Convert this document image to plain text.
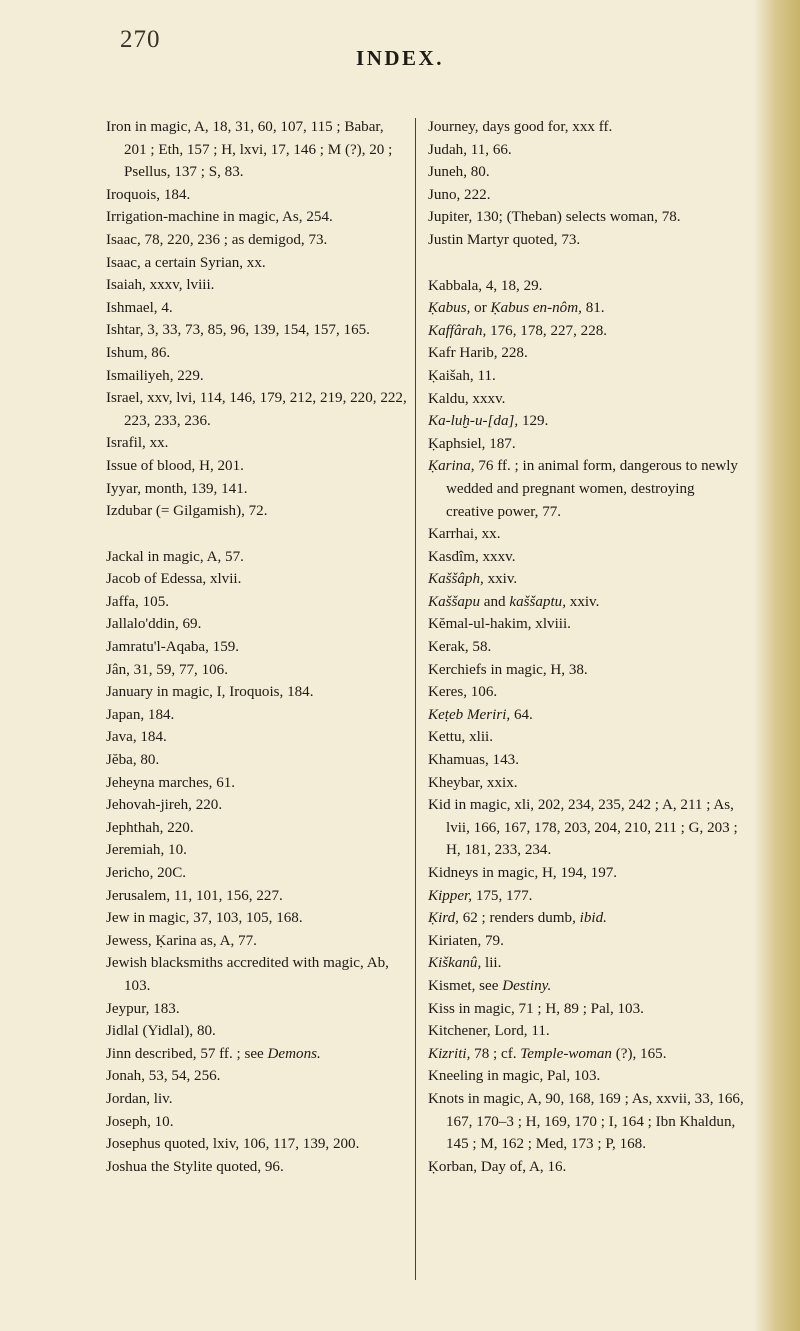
270
INDEX.

Iron in magic, A, 18, 31, 60, 107, 115 ; Babar, 201 ; Eth, 157 ; H, lxvi, 17, 146 ; M (?), 20 ; Psellus, 137 ; S, 83.

Iroquois, 184.

Irrigation-machine in magic, As, 254.

Isaac, 78, 220, 236 ; as demigod, 73.

Isaac, a certain Syrian, xx.

Isaiah, xxxv, lviii.

Ishmael, 4.

Ishtar, 3, 33, 73, 85, 96, 139, 154, 157, 165.

Ishum, 86.

Ismailiyeh, 229.

Israel, xxv, lvi, 114, 146, 179, 212, 219, 220, 222, 223, 233, 236.

Israfil, xx.

Issue of blood, H, 201.

Iyyar, month, 139, 141.

Izdubar (= Gilgamish), 72.

Jackal in magic, A, 57.

Jacob of Edessa, xlvii.

Jaffa, 105.

Jallalo'ddin, 69.

Jamratu'l-Aqaba, 159.

Jân, 31, 59, 77, 106.

January in magic, I, Iroquois, 184.

Japan, 184.

Java, 184.

Jĕba, 80.

Jeheyna marches, 61.

Jehovah-jireh, 220.

Jephthah, 220.

Jeremiah, 10.

Jericho, 20C.

Jerusalem, 11, 101, 156, 227.

Jew in magic, 37, 103, 105, 168.

Jewess, Ḳarina as, A, 77.

Jewish blacksmiths accredited with magic, Ab, 103.

Jeypur, 183.

Jidlal (Yidlal), 80.

Jinn described, 57 ff. ; see Demons.

Jonah, 53, 54, 256.

Jordan, liv.

Joseph, 10.

Josephus quoted, lxiv, 106, 117, 139, 200.

Joshua the Stylite quoted, 96.

Journey, days good for, xxx ff.

Judah, 11, 66.

Juneh, 80.

Juno, 222.

Jupiter, 130; (Theban) selects woman, 78.

Justin Martyr quoted, 73.

Kabbala, 4, 18, 29.

Ḳabus, or Ḳabus en-nôm, 81.

Kaffârah, 176, 178, 227, 228.

Kafr Harib, 228.

Ḳaišah, 11.

Kaldu, xxxv.

Ka-luḫ-u-[da], 129.

Ḳaphsiel, 187.

Ḳarina, 76 ff. ; in animal form, dangerous to newly wedded and pregnant women, destroying creative power, 77.

Karrhai, xx.

Kasdîm, xxxv.

Kaššâph, xxiv.

Kaššapu and kaššaptu, xxiv.

Kĕmal-ul-hakim, xlviii.

Kerak, 58.

Kerchiefs in magic, H, 38.

Keres, 106.

Keṭeb Meriri, 64.

Kettu, xlii.

Khamuas, 143.

Kheybar, xxix.

Kid in magic, xli, 202, 234, 235, 242 ; A, 211 ; As, lvii, 166, 167, 178, 203, 204, 210, 211 ; G, 203 ; H, 181, 233, 234.

Kidneys in magic, H, 194, 197.

Kipper, 175, 177.

Ḳird, 62 ; renders dumb, ibid.

Kiriaten, 79.

Kiškanû, lii.

Kismet, see Destiny.

Kiss in magic, 71 ; H, 89 ; Pal, 103.

Kitchener, Lord, 11.

Kizriti, 78 ; cf. Temple-woman (?), 165.

Kneeling in magic, Pal, 103.

Knots in magic, A, 90, 168, 169 ; As, xxvii, 33, 166, 167, 170–3 ; H, 169, 170 ; I, 164 ; Ibn Khaldun, 145 ; M, 162 ; Med, 173 ; P, 168.

Ḳorban, Day of, A, 16.
